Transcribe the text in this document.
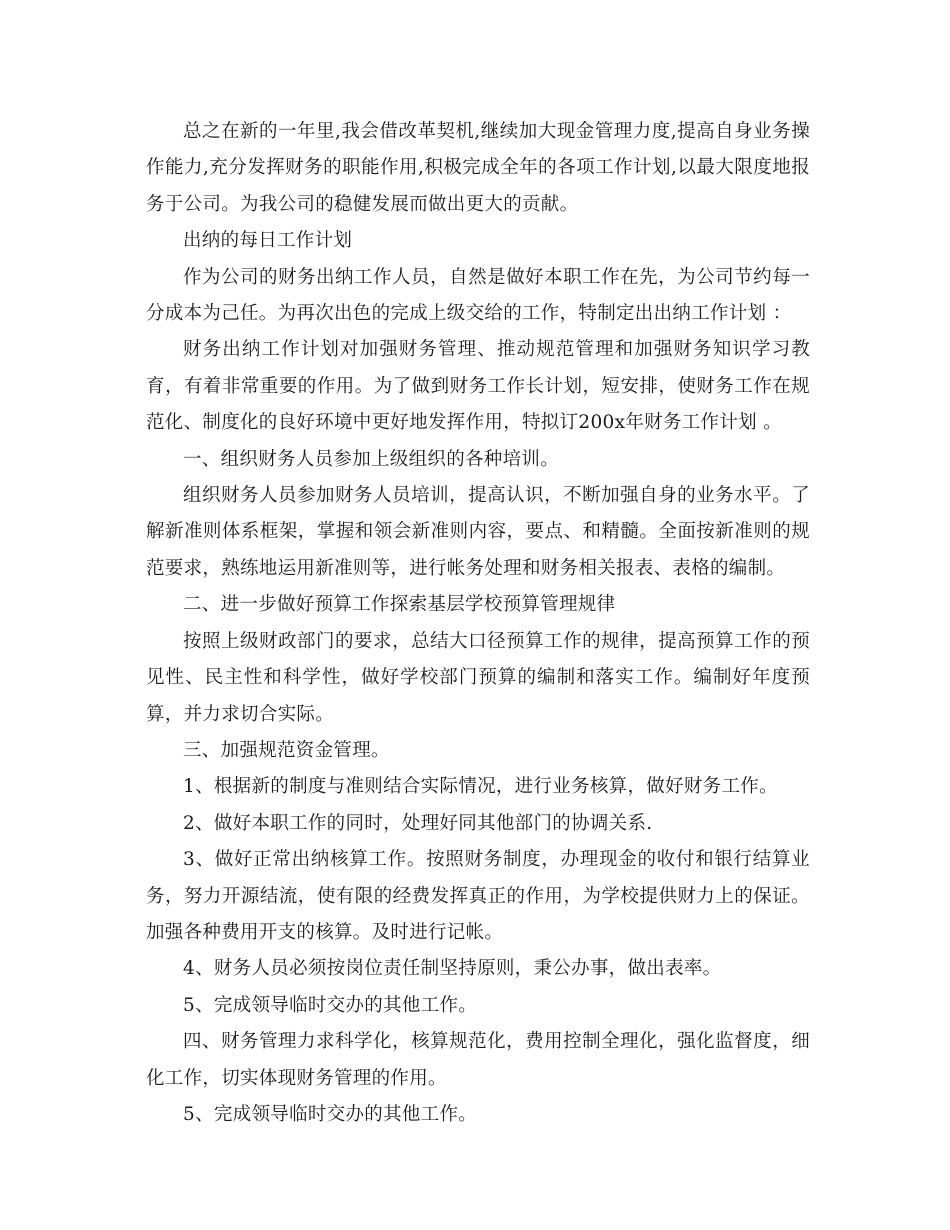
总之在新的一年里,我会借改革契机,继续加大现金管理力度,提高自身业务操作能力,充分发挥财务的职能作用,积极完成全年的各项工作计划,以最大限度地报务于公司。为我公司的稳健发展而做出更大的贡献。

出纳的每日工作计划

作为公司的财务出纳工作人员，自然是做好本职工作在先，为公司节约每一分成本为己任。为再次出色的完成上级交给的工作，特制定出出纳工作计划 ：

财务出纳工作计划对加强财务管理、推动规范管理和加强财务知识学习教育，有着非常重要的作用。为了做到财务工作长计划，短安排，使财务工作在规范化、制度化的良好环境中更好地发挥作用，特拟订200x年财务工作计划 。

一、组织财务人员参加上级组织的各种培训。

组织财务人员参加财务人员培训，提高认识，不断加强自身的业务水平。了解新准则体系框架，掌握和领会新准则内容，要点、和精髓。全面按新准则的规范要求，熟练地运用新准则等，进行帐务处理和财务相关报表、表格的编制。

二、进一步做好预算工作探索基层学校预算管理规律

按照上级财政部门的要求，总结大口径预算工作的规律，提高预算工作的预见性、民主性和科学性，做好学校部门预算的编制和落实工作。编制好年度预算，并力求切合实际。

三、加强规范资金管理。

1、根据新的制度与准则结合实际情况，进行业务核算，做好财务工作。

2、做好本职工作的同时，处理好同其他部门的协调关系.

3、做好正常出纳核算工作。按照财务制度，办理现金的收付和银行结算业务，努力开源结流，使有限的经费发挥真正的作用，为学校提供财力上的保证。加强各种费用开支的核算。及时进行记帐。

4、财务人员必须按岗位责任制坚持原则，秉公办事，做出表率。

5、完成领导临时交办的其他工作。

四、财务管理力求科学化，核算规范化，费用控制全理化，强化监督度，细化工作，切实体现财务管理的作用。

5、完成领导临时交办的其他工作。
